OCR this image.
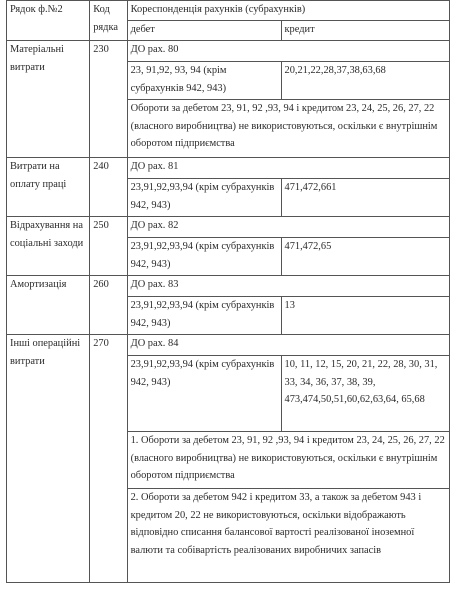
Рядок ф.№2	Код рядка	Кореспонденція рахунків (субрахунків)	
		дебет	кредит
Матеріальні витрати	230	ДО рах. 80	
		23, 91,92, 93, 94 (крім субрахунків 942, 943)	20,21,22,28,37,38,63,68
		Обороти за дебетом 23, 91, 92 ,93, 94 і кредитом 23, 24, 25, 26, 27, 22 (власного виробництва) не використовуються, оскільки є внутрішнім оборотом підприємства	
Витрати на оплату праці	240	ДО рах. 81	
		23,91,92,93,94 (крім субрахунків 942, 943)	471,472,661
Відрахування на соціальні заходи	250	ДО рах. 82	
		23,91,92,93,94 (крім субрахунків 942, 943)	471,472,65
Амортизація	260	ДО рах. 83	
		23,91,92,93,94 (крім субрахунків 942, 943)	13
Інші операційні витрати	270	ДО рах. 84	
		23,91,92,93,94 (крім субрахунків 942, 943)	10, 11, 12, 15, 20, 21, 22, 28, 30, 31, 33, 34, 36, 37, 38, 39, 473,474,50,51,60,62,63,64, 65,68
		1. Обороти за дебетом 23, 91, 92 ,93, 94 і кредитом 23, 24, 25, 26, 27, 22 (власного виробництва) не використовуються, оскільки є внутрішнім оборотом підприємства	
		2. Обороти за дебетом 942 і кредитом 33, а також за дебетом 943 і кредитом 20, 22 не використовуються, оскільки відображають відповідно списання балансової вартості реалізованої іноземної валюти та собівартість реалізованих виробничих запасів	
